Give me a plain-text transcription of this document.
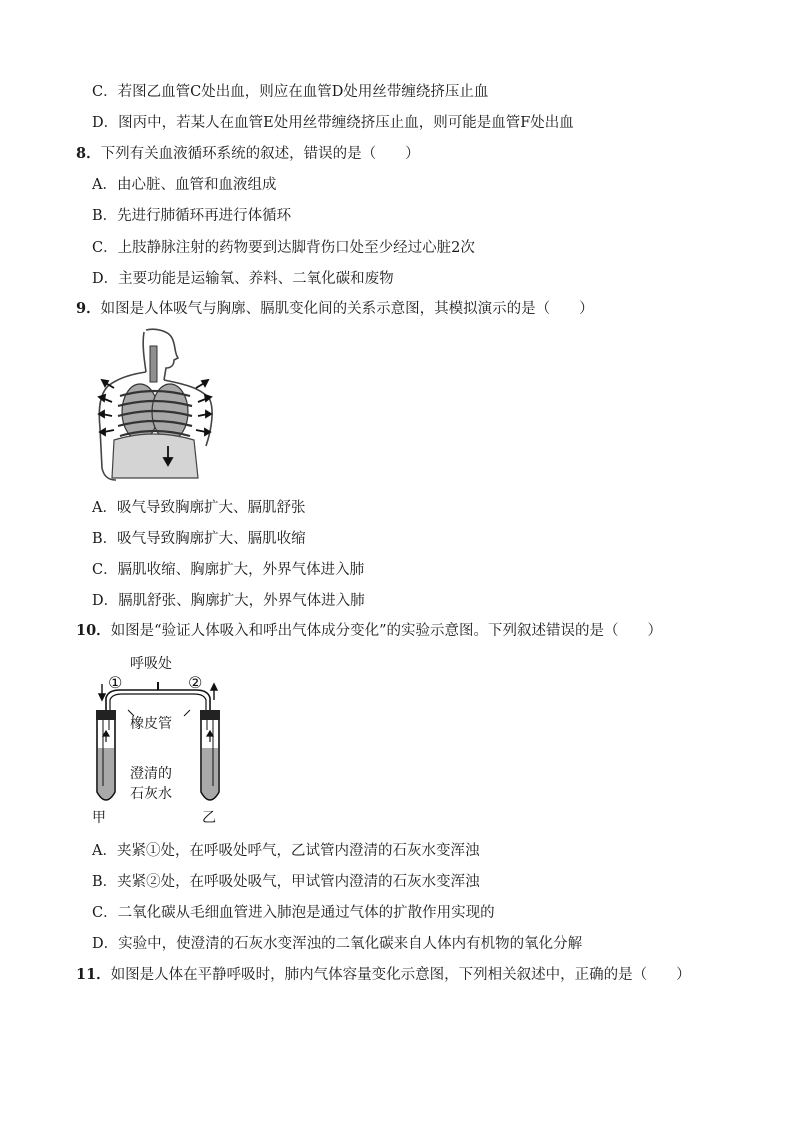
C．若图乙血管C处出血，则应在血管D处用丝带缠绕挤压止血
D．图丙中，若某人在血管E处用丝带缠绕挤压止血，则可能是血管F处出血
8．下列有关血液循环系统的叙述，错误的是（　　）
A．由心脏、血管和血液组成
B．先进行肺循环再进行体循环
C．上肢静脉注射的药物要到达脚背伤口处至少经过心脏2次
D．主要功能是运输氧、养料、二氧化碳和废物
9．如图是人体吸气与胸廓、膈肌变化间的关系示意图，其模拟演示的是（　　）
A．吸气导致胸廓扩大、膈肌舒张
B．吸气导致胸廓扩大、膈肌收缩
C．膈肌收缩、胸廓扩大，外界气体进入肺
D．膈肌舒张、胸廓扩大，外界气体进入肺
10．如图是“验证人体吸入和呼出气体成分变化”的实验示意图。下列叙述错误的是（　　）
呼吸处
①	②
橡皮管
澄清的
石灰水
甲	乙
A．夹紧①处，在呼吸处呼气，乙试管内澄清的石灰水变浑浊
B．夹紧②处，在呼吸处吸气，甲试管内澄清的石灰水变浑浊
C．二氧化碳从毛细血管进入肺泡是通过气体的扩散作用实现的
D．实验中，使澄清的石灰水变浑浊的二氧化碳来自人体内有机物的氧化分解
11．如图是人体在平静呼吸时，肺内气体容量变化示意图，下列相关叙述中，正确的是（　　）
